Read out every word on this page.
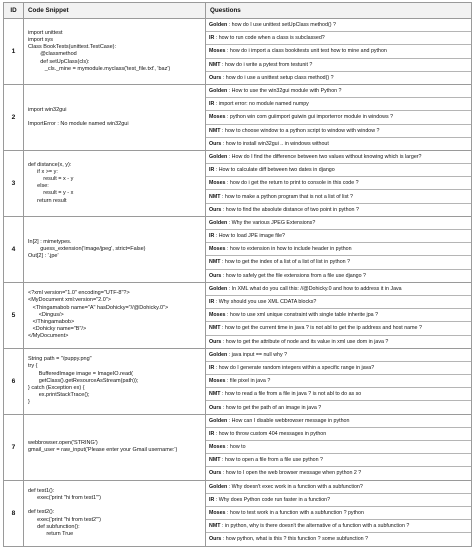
ID	Code Snippet	Questions
1	import unittest
import sys
Class BookTests(unittest.TestCase):
@classmethod
def setUpClass(cls):
_cls._mine = mymodule.myclass('test_file.txt', 'baz')	
Golden : how do I use unittest setUpClass method() ?
IR : how to run code when a class is subclassed?
Moses : how do i import a class bookitests unit test how to mine and python
NMT : how do i write a pytest from testunit ?
Ours : how do i use a unittest setup class method() ?

2	import win32gui

ImportError : No module named win32gui	
Golden : How to use the win32gui module with Python ?
IR : import error: no module named numpy
Moses : python win com guiimport guiwin gui importerror module in windows ?
NMT : how to choose window to a python script to window with window ?
Ours : how to install win32gui .. in windows without

3	def distance(x, y):
if x >= y:
result = x - y
else:
result = y - x
return result	
Golden : How do I find the difference between two values without knowing which is larger?
IR : How to calculate diff between two dates in django
Moses : how do i get the return to print to console in this code ?
NMT : how to make a python program that is not a list of list ?
Ours : how to find the absolute distance of two point in python ?

4	In[2] : mimetypes.
guess_extension('image/jpeg', strict=False)
Out[2] : '.jpe'	
Golden : Why the various JPEG Extensions?
IR : How to load JPE image file?
Moses : how to extension in how to include header in python
NMT : how to get the index of a list of a list of list in python ?
Ours : how to safely get the file extensions from a file use django ?

5	<?xml version="1.0" encoding="UTF-8"?>
<MyDocument xml:version="2.0">
<Thingamabob name="A" hasDohicky="//@Dohicky.0">
<Dingus/>
</Thingamabob>
<Dohicky name="B"/>
</MyDocument>	
Golden : In XML what do you call this: //@Dohicky.0 and how to address it in Java
IR : Why should you use XML CDATA blocks?
Moses : how to use xml unique constraint with single table inherite jpa ?
NMT : how to get the current time in java ? is not abl to get the ip address and host name ?
Ours : how to get the attribute of node and its value in xml use dom in java ?

6	String path = "/puppy.png"
try {
BufferedImage image = ImageIO.read(
getClass().getResourceAsStream(path));
} catch (Exception ex) {
ex.printStackTrace();
}	
Golden : java input == null why ?
IR : how do I generate random integers within a specific range in java?
Moses : file pixel in java ?
NMT : how to read a file from a file in java ? is not abl to do as so
Ours : how to get the path of an image in java ?

7	webbrowser.open('STRING')
gmail_user = raw_input('Please enter your Gmail username:')	
Golden : How can I disable webbrowser message in python
IR : how to throw custom 404 messages in python
Moses : how to
NMT : how to open a file from a file use python ?
Ours : how to I open the web browser message when python 2 ?

8	def test1():
exec('print "hi from test1"')

def test2():
exec('print "hi from test2"')
def subfunction():
return True	
Golden : Why doesn't exec work in a function with a subfunction?
IR : Why does Python code run faster in a function?
Moses : how to test work in a function with a subfunction ? python
NMT : in python, why is there doesn't the alternative of a function with a subfunction ?
Ours : how python, what is this ? this function ? some subfunction ?
